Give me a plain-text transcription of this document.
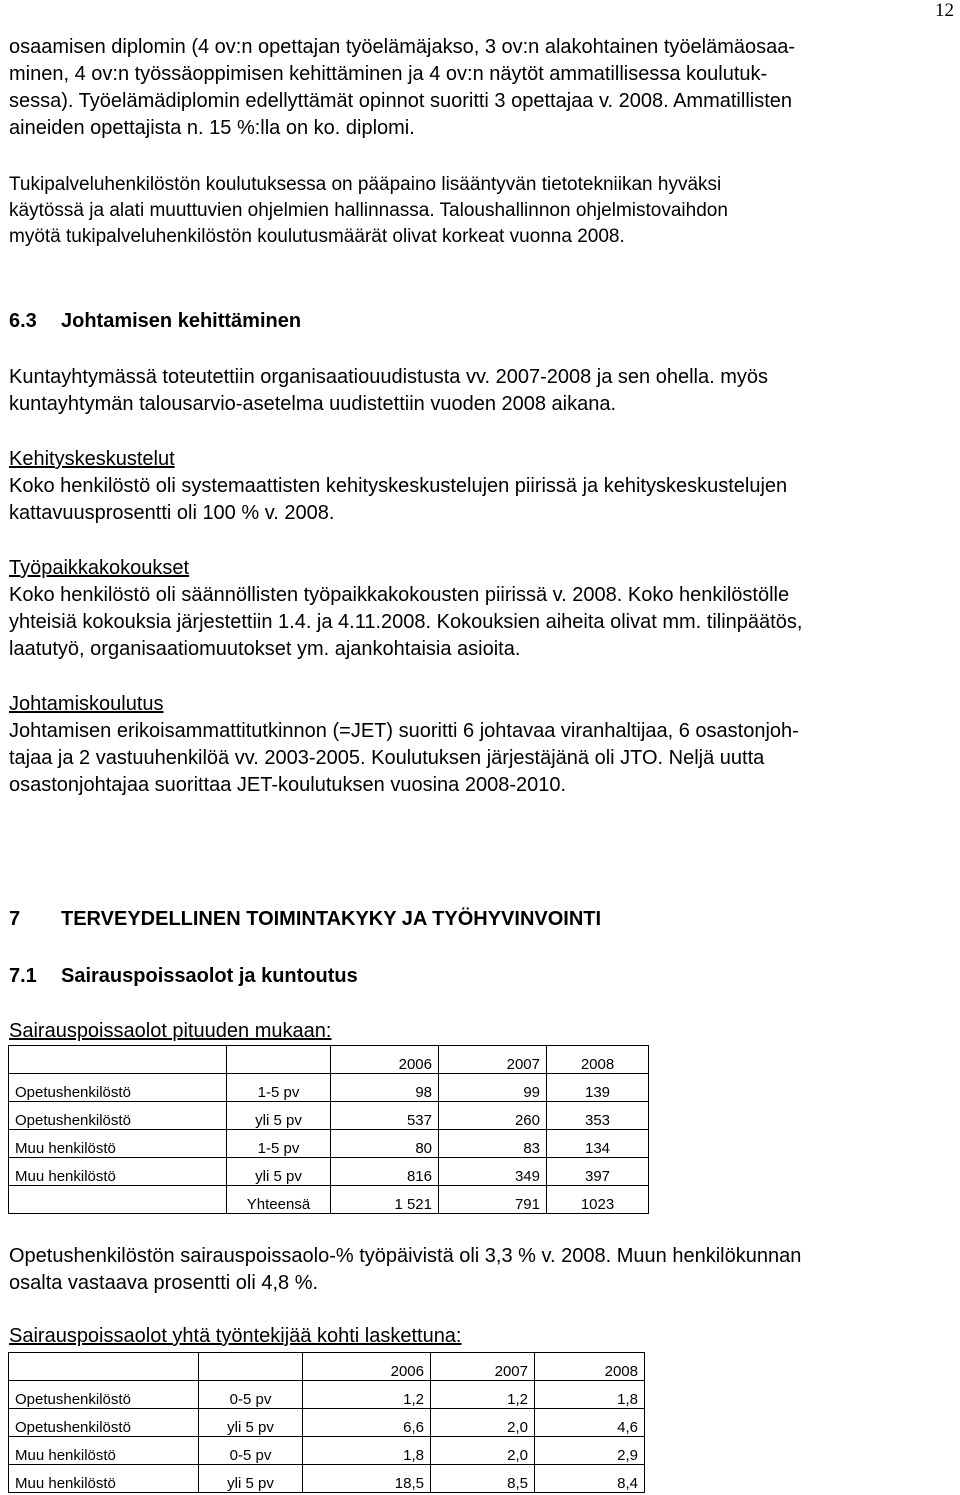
12

osaamisen diplomin (4 ov:n opettajan työelämäjakso, 3 ov:n alakohtainen työelämäosaa-
minen, 4 ov:n työssäoppimisen kehittäminen ja 4 ov:n näytöt ammatillisessa koulutuk-
sessa). Työelämädiplomin edellyttämät opinnot suoritti 3 opettajaa v. 2008. Ammatillisten
aineiden opettajista n. 15 %:lla on ko. diplomi.

Tukipalveluhenkilöstön koulutuksessa on pääpaino lisääntyvän tietotekniikan hyväksi
käytössä ja alati muuttuvien ohjelmien hallinnassa. Taloushallinnon ohjelmistovaihdon
myötä tukipalveluhenkilöstön koulutusmäärät olivat korkeat vuonna 2008.

6.3 Johtamisen kehittäminen

Kuntayhtymässä toteutettiin organisaatiouudistusta vv. 2007-2008 ja sen ohella. myös
kuntayhtymän talousarvio-asetelma uudistettiin vuoden 2008 aikana.

Kehityskeskustelut
Koko henkilöstö oli systemaattisten kehityskeskustelujen piirissä ja kehityskeskustelujen
kattavuusprosentti oli 100 % v. 2008.

Työpaikkakokoukset
Koko henkilöstö oli säännöllisten työpaikkakokousten piirissä v. 2008. Koko henkilöstölle
yhteisiä kokouksia järjestettiin 1.4. ja 4.11.2008. Kokouksien aiheita olivat mm. tilinpäätös,
laatutyö, organisaatiomuutokset ym. ajankohtaisia asioita.

Johtamiskoulutus
Johtamisen erikoisammattitutkinnon (=JET) suoritti 6 johtavaa viranhaltijaa, 6 osastonjoh-
tajaa ja 2 vastuuhenkilöä vv. 2003-2005. Koulutuksen järjestäjänä oli JTO. Neljä uutta
osastonjohtajaa suorittaa JET-koulutuksen vuosina 2008-2010.

7 TERVEYDELLINEN TOIMINTAKYKY JA TYÖHYVINVOINTI
7.1 Sairauspoissaolot ja kuntoutus
Sairauspoissaolot pituuden mukaan:
		2006	2007	2008
Opetushenkilöstö	1-5 pv	98	99	139
Opetushenkilöstö	yli 5 pv	537	260	353
Muu henkilöstö	1-5 pv	80	83	134
Muu henkilöstö	yli 5 pv	816	349	397
	Yhteensä	1 521	791	1023

Opetushenkilöstön sairauspoissaolo-% työpäivistä oli 3,3 % v. 2008. Muun henkilökunnan
osalta vastaava prosentti oli 4,8 %.

Sairauspoissaolot yhtä työntekijää kohti laskettuna:
		2006	2007	2008
Opetushenkilöstö	0-5 pv	1,2	1,2	1,8
Opetushenkilöstö	yli 5 pv	6,6	2,0	4,6
Muu henkilöstö	0-5 pv	1,8	2,0	2,9
Muu henkilöstö	yli 5 pv	18,5	8,5	8,4
